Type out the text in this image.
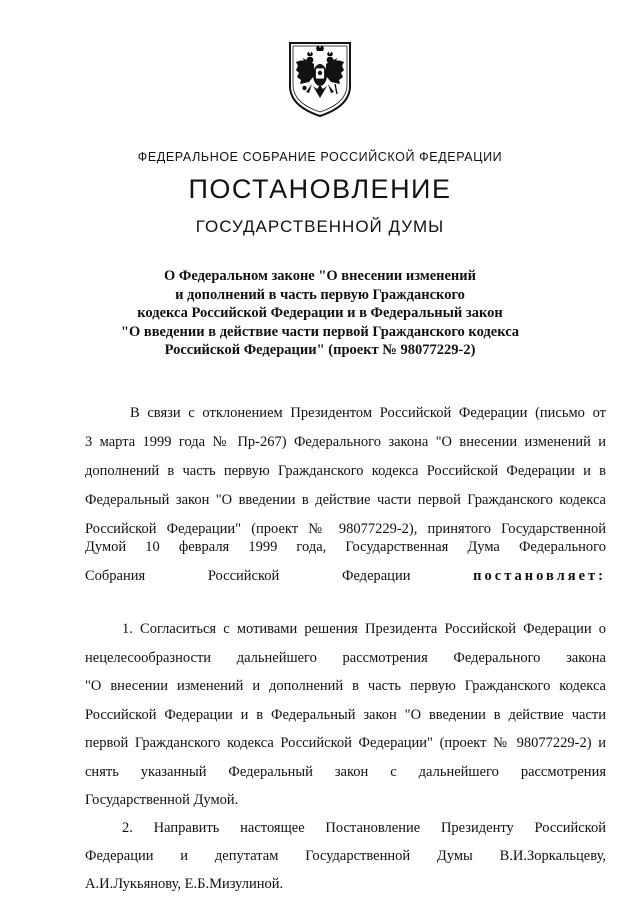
ФЕДЕРАЛЬНОЕ СОБРАНИЕ РОССИЙСКОЙ ФЕДЕРАЦИИ
ПОСТАНОВЛЕНИЕ
ГОСУДАРСТВЕННОЙ ДУМЫ
О Федеральном законе "О внесении изменений
и дополнений в часть первую Гражданского
кодекса Российской Федерации и в Федеральный закон
"О введении в действие части первой Гражданского кодекса
Российской Федерации" (проект № 98077229-2)
В связи с отклонением Президентом Российской Федерации (письмо от
3 марта 1999 года № Пр-267) Федерального закона "О внесении изменений и
дополнений в часть первую Гражданского кодекса Российской Федерации и в
Федеральный закон "О введении в действие части первой Гражданского кодекса
Российской Федерации" (проект № 98077229-2), принятого Государственной
Думой 10 февраля 1999 года, Государственная Дума Федерального
Собрания Российской Федерации	постановляет:
1. Согласиться с мотивами решения Президента Российской Федерации о
нецелесообразности дальнейшего рассмотрения Федерального закона
"О внесении изменений и дополнений в часть первую Гражданского кодекса
Российской Федерации и в Федеральный закон "О введении в действие части
первой Гражданского кодекса Российской Федерации" (проект № 98077229-2) и
снять указанный Федеральный закон с дальнейшего рассмотрения
Государственной Думой.
2. Направить настоящее Постановление Президенту Российской
Федерации и депутатам Государственной Думы В.И.Зоркальцеву,
А.И.Лукьянову, Е.Б.Мизулиной.
